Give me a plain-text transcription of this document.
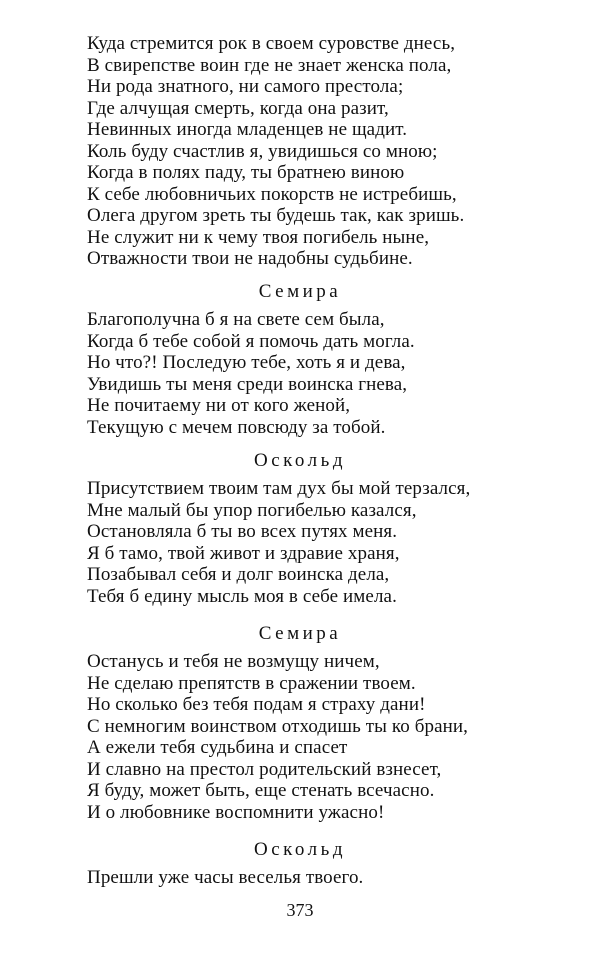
Куда стремится рок в своем суровстве днесь,
В свирепстве воин где не знает женска пола,
Ни рода знатного, ни самого престола;
Где алчущая смерть, когда она разит,
Невинных иногда младенцев не щадит.
Коль буду счастлив я, увидишься со мною;
Когда в полях паду, ты братнею виною
К себе любовничьих покорств не истребишь,
Олега другом зреть ты будешь так, как зришь.
Не служит ни к чему твоя погибель ныне,
Отважности твои не надобны судьбине.
Семира
Благополучна б я на свете сем была,
Когда б тебе собой я помочь дать могла.
Но что?! Последую тебе, хоть я и дева,
Увидишь ты меня среди воинска гнева,
Не почитаему ни от кого женой,
Текущую с мечем повсюду за тобой.
Оскольд
Присутствием твоим там дух бы мой терзался,
Мне малый бы упор погибелью казался,
Остановляла б ты во всех путях меня.
Я б тамо, твой живот и здравие храня,
Позабывал себя и долг воинска дела,
Тебя б едину мысль моя в себе имела.
Семира
Останусь и тебя не возмущу ничем,
Не сделаю препятств в сражении твоем.
Но сколько без тебя подам я страху дани!
С немногим воинством отходишь ты ко брани,
А ежели тебя судьбина и спасет
И славно на престол родительский взнесет,
Я буду, может быть, еще стенать всечасно.
И о любовнике воспомнити ужасно!
Оскольд
Прешли уже часы веселья твоего.
373
